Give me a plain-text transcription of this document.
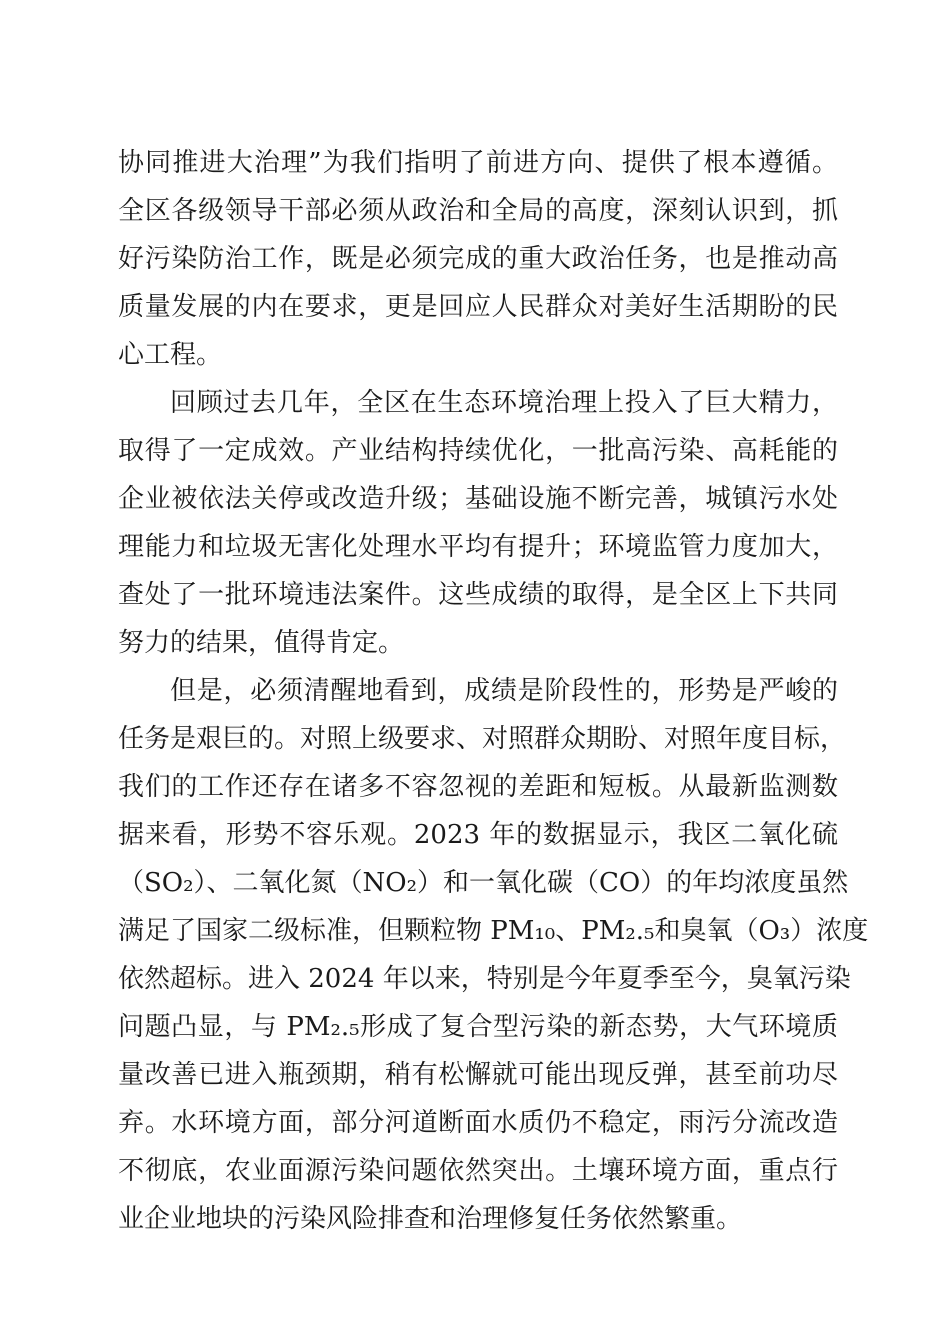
协同推进大治理”为我们指明了前进方向、提供了根本遵循。
全区各级领导干部必须从政治和全局的高度，深刻认识到，抓
好污染防治工作，既是必须完成的重大政治任务，也是推动高
质量发展的内在要求，更是回应人民群众对美好生活期盼的民
心工程。
回顾过去几年，全区在生态环境治理上投入了巨大精力，
取得了一定成效。产业结构持续优化，一批高污染、高耗能的
企业被依法关停或改造升级；基础设施不断完善，城镇污水处
理能力和垃圾无害化处理水平均有提升；环境监管力度加大，
查处了一批环境违法案件。这些成绩的取得，是全区上下共同
努力的结果，值得肯定。
但是，必须清醒地看到，成绩是阶段性的，形势是严峻的
任务是艰巨的。对照上级要求、对照群众期盼、对照年度目标，
我们的工作还存在诸多不容忽视的差距和短板。从最新监测数
据来看，形势不容乐观。2023 年的数据显示，我区二氧化硫
（SO₂）、二氧化氮（NO₂）和一氧化碳（CO）的年均浓度虽然
满足了国家二级标准，但颗粒物 PM₁₀、PM₂.₅和臭氧（O₃）浓度
依然超标。进入 2024 年以来，特别是今年夏季至今，臭氧污染
问题凸显，与 PM₂.₅形成了复合型污染的新态势，大气环境质
量改善已进入瓶颈期，稍有松懈就可能出现反弹，甚至前功尽
弃。水环境方面，部分河道断面水质仍不稳定，雨污分流改造
不彻底，农业面源污染问题依然突出。土壤环境方面，重点行
业企业地块的污染风险排查和治理修复任务依然繁重。
